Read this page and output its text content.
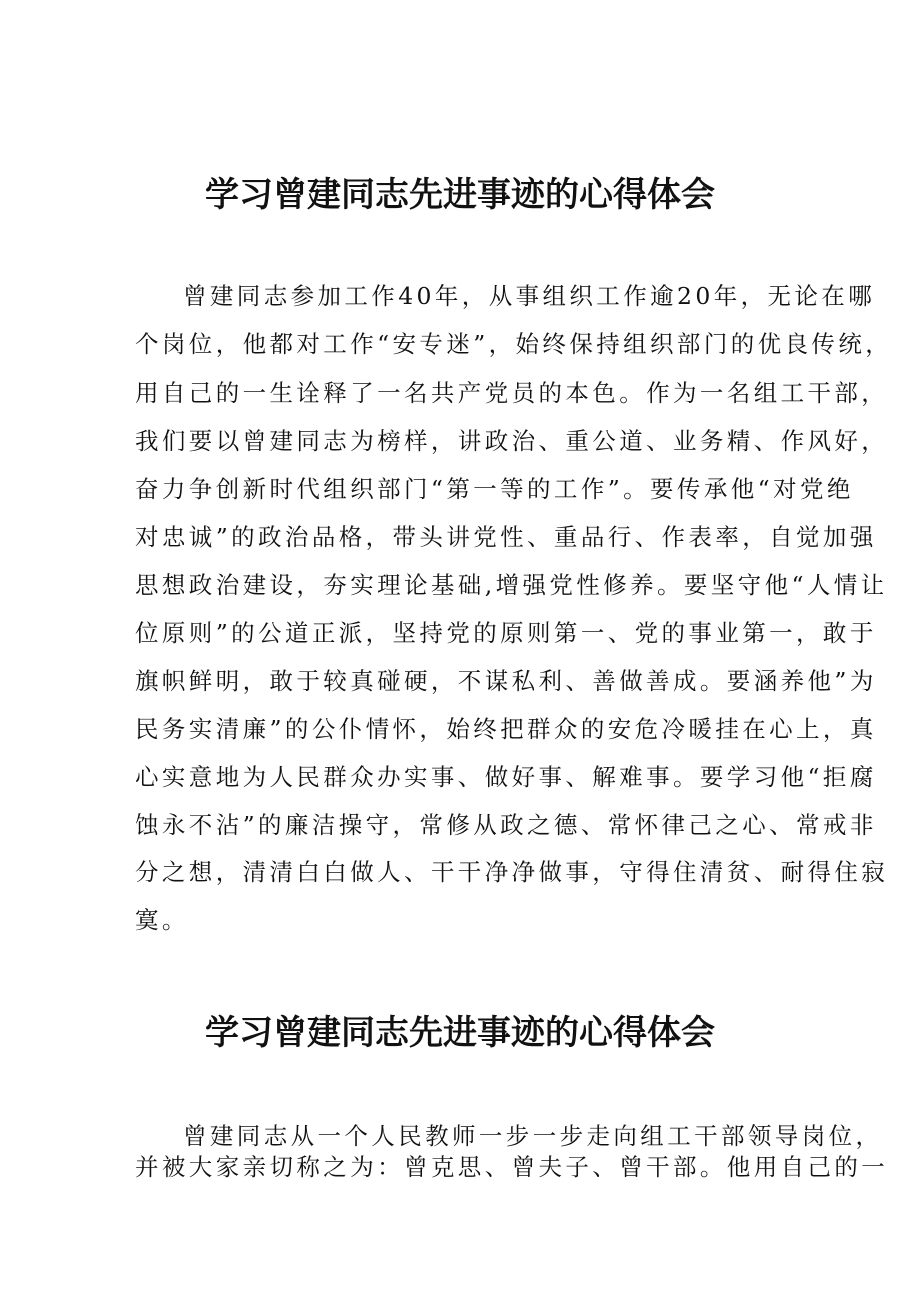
学习曾建同志先进事迹的心得体会
曾建同志参加工作40年，从事组织工作逾20年，无论在哪
个岗位，他都对工作“安专迷”，始终保持组织部门的优良传统，
用自己的一生诠释了一名共产党员的本色。作为一名组工干部，
我们要以曾建同志为榜样，讲政治、重公道、业务精、作风好，
奋力争创新时代组织部门“第一等的工作”。要传承他“对党绝
对忠诚”的政治品格，带头讲党性、重品行、作表率，自觉加强
思想政治建设，夯实理论基础,增强党性修养。要坚守他“人情让
位原则”的公道正派，坚持党的原则第一、党的事业第一，敢于
旗帜鲜明，敢于较真碰硬，不谋私利、善做善成。要涵养他”为
民务实清廉”的公仆情怀，始终把群众的安危冷暖挂在心上，真
心实意地为人民群众办实事、做好事、解难事。要学习他“拒腐
蚀永不沾”的廉洁操守，常修从政之德、常怀律己之心、常戒非
分之想，清清白白做人、干干净净做事，守得住清贫、耐得住寂
寞。
学习曾建同志先进事迹的心得体会
曾建同志从一个人民教师一步一步走向组工干部领导岗位，
并被大家亲切称之为：曾克思、曾夫子、曾干部。他用自己的一
